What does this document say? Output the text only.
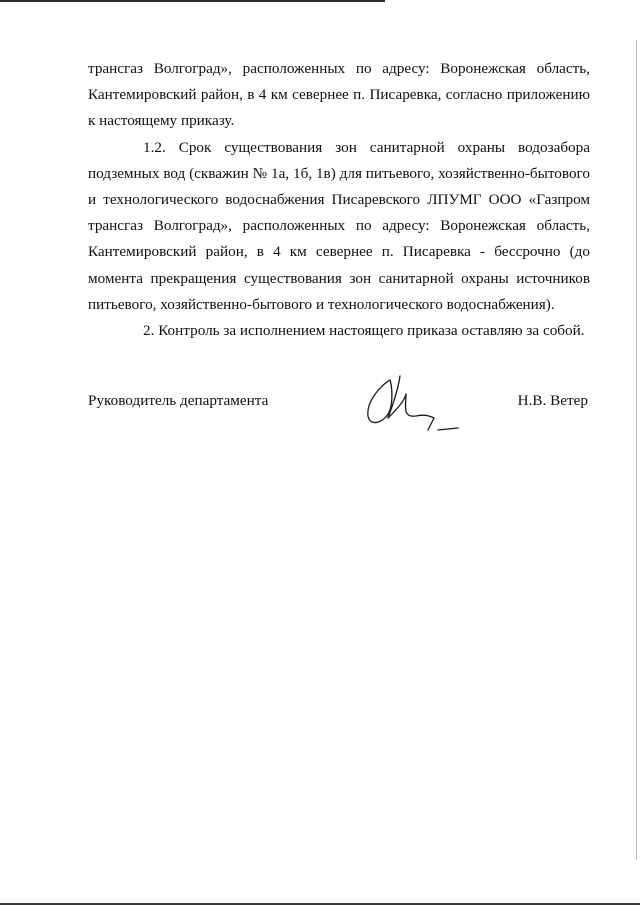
трансгаз Волгоград», расположенных по адресу: Воронежская область,
Кантемировский район, в 4 км севернее п. Писаревка, согласно приложению
к настоящему приказу.
1.2. Срок существования зон санитарной охраны водозабора
подземных вод (скважин № 1а, 1б, 1в) для питьевого, хозяйственно-бытового
и технологического водоснабжения Писаревского ЛПУМГ ООО «Газпром
трансгаз Волгоград», расположенных по адресу: Воронежская область,
Кантемировский район, в 4 км севернее п. Писаревка - бессрочно (до
момента прекращения существования зон санитарной охраны источников
питьевого, хозяйственно-бытового и технологического водоснабжения).
2. Контроль за исполнением настоящего приказа оставляю за собой.
Руководитель департамента	Н.В. Ветер
